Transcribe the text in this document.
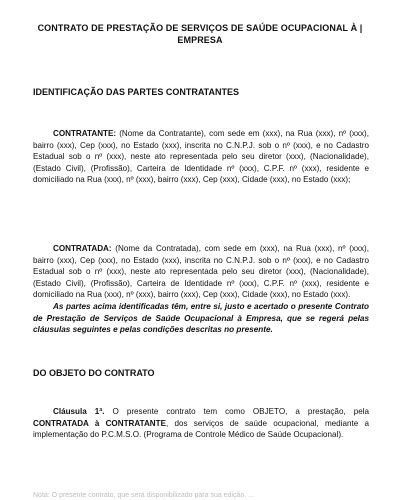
CONTRATO DE PRESTAÇÃO DE SERVIÇOS DE SAÚDE OCUPACIONAL À | EMPRESA
IDENTIFICAÇÃO DAS PARTES CONTRATANTES
CONTRATANTE: (Nome da Contratante), com sede em (xxx), na Rua (xxx), nº (xxx), bairro (xxx), Cep (xxx), no Estado (xxx), inscrita no C.N.P.J. sob o nº (xxx), e no Cadastro Estadual sob o nº (xxx), neste ato representada pelo seu diretor (xxx), (Nacionalidade), (Estado Civil), (Profissão), Carteira de Identidade nº (xxx), C.P.F. nº (xxx), residente e domiciliado na Rua (xxx), nº (xxx), bairro (xxx), Cep (xxx), Cidade (xxx), no Estado (xxx);
CONTRATADA: (Nome da Contratada), com sede em (xxx), na Rua (xxx), nº (xxx), bairro (xxx), Cep (xxx), no Estado (xxx), inscrita no C.N.P.J. sob o nº (xxx), e no Cadastro Estadual sob o nº (xxx), neste ato representada pelo seu diretor (xxx), (Nacionalidade), (Estado Civil), (Profissão), Carteira de Identidade nº (xxx), C.P.F. nº (xxx), residente e domiciliado na Rua (xxx), nº (xxx), bairro (xxx), Cep (xxx), Cidade (xxx), no Estado (xxx).
As partes acima identificadas têm, entre si, justo e acertado o presente Contrato de Prestação de Serviços de Saúde Ocupacional à Empresa, que se regerá pelas cláusulas seguintes e pelas condições descritas no presente.
DO OBJETO DO CONTRATO
Cláusula 1ª. O presente contrato tem como OBJETO, a prestação, pela CONTRATADA à CONTRATANTE, dos serviços de saúde ocupacional, mediante a implementação do P.C.M.S.O. (Programa de Controle Médico de Saúde Ocupacional).
Nota: O presente contrato, que será disponibilizado para sua edição, ...
